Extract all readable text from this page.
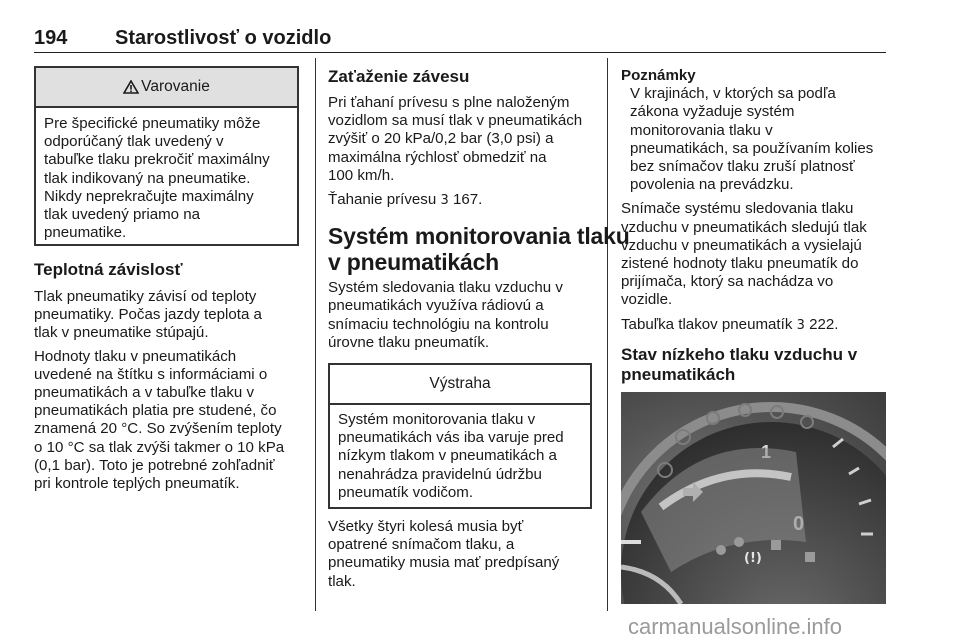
194 Starostlivosť o vozidlo
Varovanie

Pre špecifické pneumatiky môže

odporúčaný tlak uvedený v

tabuľke tlaku prekročiť maximálny

tlak indikovaný na pneumatike.

Nikdy neprekračujte maximálny

tlak uvedený priamo na

pneumatike.

Teplotná závislosť

Tlak pneumatiky závisí od teploty

pneumatiky. Počas jazdy teplota a

tlak v pneumatike stúpajú.

Hodnoty tlaku v pneumatikách

uvedené na štítku s informáciami o

pneumatikách a v tabuľke tlaku v

pneumatikách platia pre studené, čo

znamená 20 °C. So zvýšením teploty

o 10 °C sa tlak zvýši takmer o 10 kPa

(0,1 bar). Toto je potrebné zohľadniť

pri kontrole teplých pneumatík.

Zaťaženie závesu

Pri ťahaní prívesu s plne naloženým

vozidlom sa musí tlak v pneumatikách

zvýšiť o 20 kPa/0,2 bar (3,0 psi) a

maximálna rýchlosť obmedziť na

100 km/h.

Ťahanie prívesu 3 167.

Systém monitorovania tlaku

v pneumatikách

Systém sledovania tlaku vzduchu v

pneumatikách využíva rádiovú a

snímaciu technológiu na kontrolu

úrovne tlaku pneumatík.

Výstraha

Systém monitorovania tlaku v

pneumatikách vás iba varuje pred

nízkym tlakom v pneumatikách a

nenahrádza pravidelnú údržbu

pneumatík vodičom.

Všetky štyri kolesá musia byť

opatrené snímačom tlaku, a

pneumatiky musia mať predpísaný

tlak.

Poznámky

V krajinách, v ktorých sa podľa

zákona vyžaduje systém

monitorovania tlaku v

pneumatikách, sa používaním kolies

bez snímačov tlaku zruší platnosť

povolenia na prevádzku.

Snímače systému sledovania tlaku

vzduchu v pneumatikách sledujú tlak

vzduchu v pneumatikách a vysielajú

zistené hodnoty tlaku pneumatík do

prijímača, ktorý sa nachádza vo

vozidle.

Tabuľka tlakov pneumatík 3 222.

Stav nízkeho tlaku vzduchu v

pneumatikách

(!)
carmanualsonline.info
